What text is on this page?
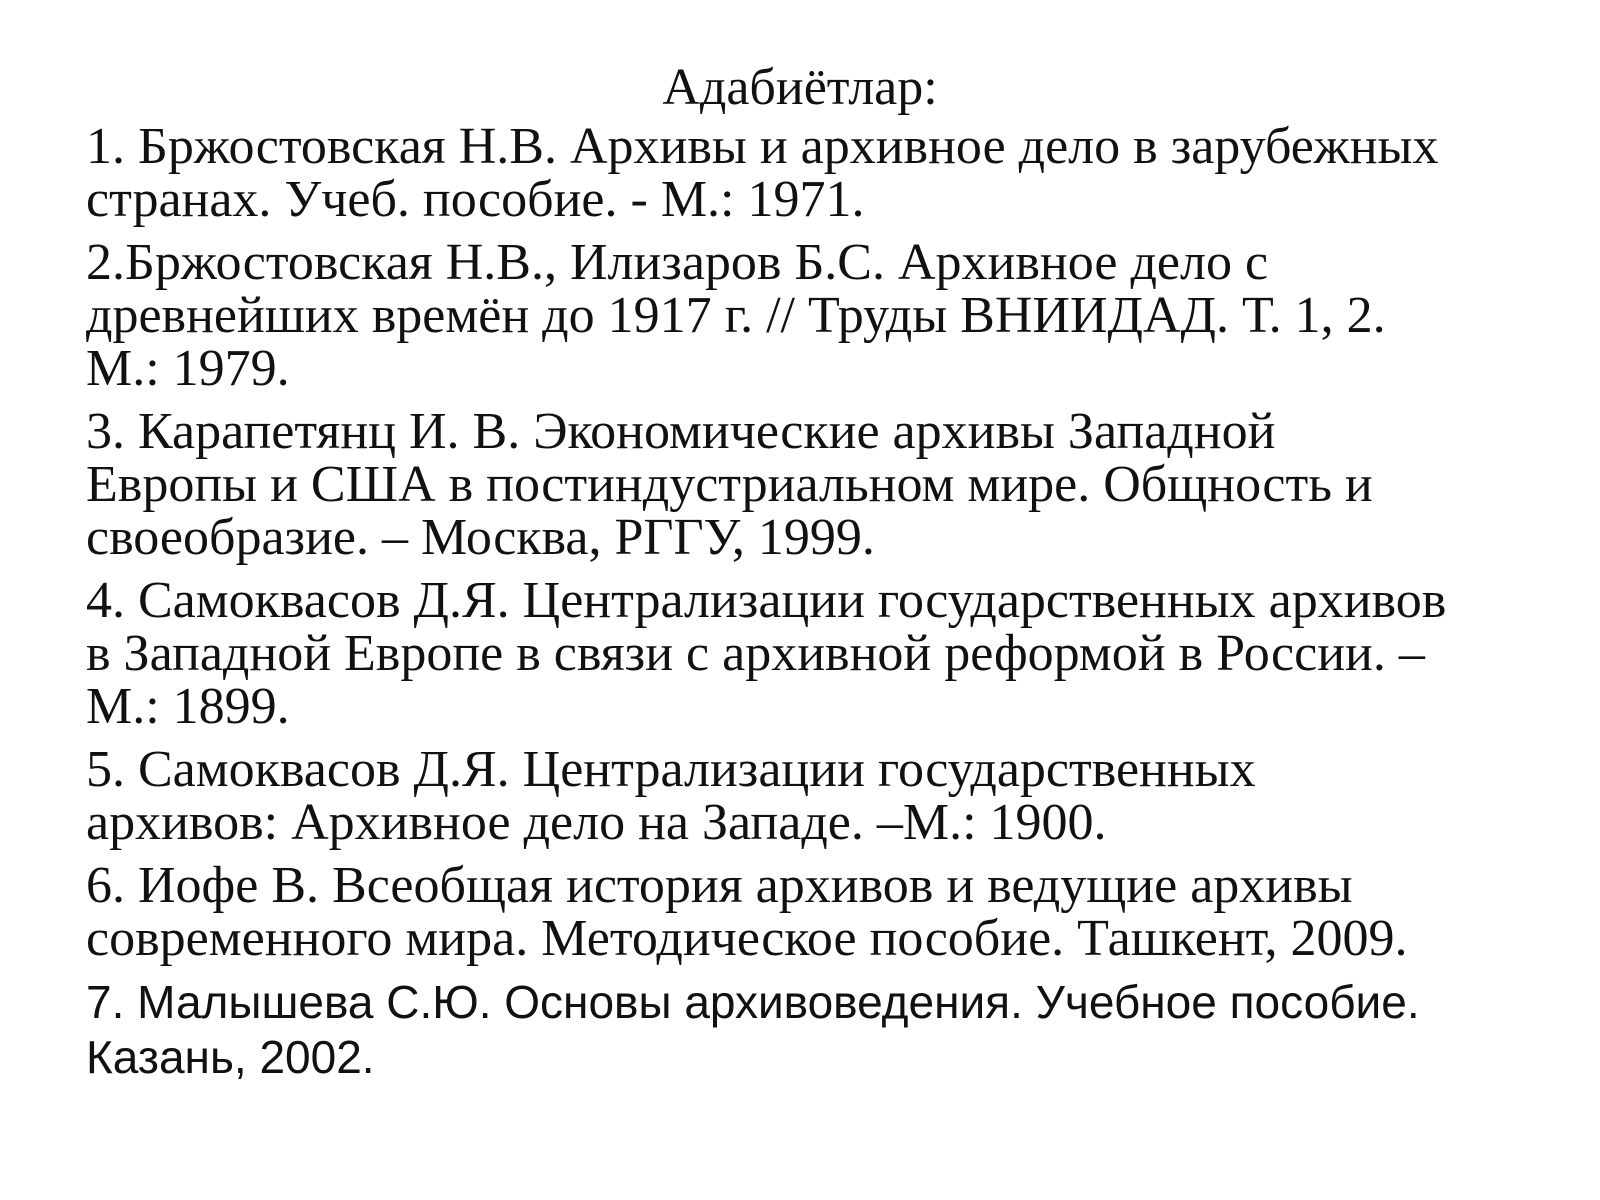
Адабиётлар:

1. Бржостовская Н.В. Архивы и архивное дело в зарубежных
странах. Учеб. пособие. - М.: 1971.

2.Бржостовская Н.В., Илизаров Б.С. Архивное дело с
древнейших времён до 1917 г. // Труды ВНИИДАД. Т. 1, 2.
М.: 1979.

3. Карапетянц И. В. Экономические архивы Западной
Европы и США в постиндустриальном мире. Общность и
своеобразие. – Москва, РГГУ, 1999.

4. Самоквасов Д.Я. Централизации государственных архивов
в Западной Европе в связи с архивной реформой в России. –
М.: 1899.

5. Самоквасов Д.Я. Централизации государственных
архивов: Архивное дело на Западе. –М.: 1900.

6. Иофе В. Всеобщая история архивов и ведущие архивы
современного мира. Методическое пособие. Ташкент, 2009.

7. Малышева С.Ю. Основы архивоведения. Учебное пособие.
Казань, 2002.
